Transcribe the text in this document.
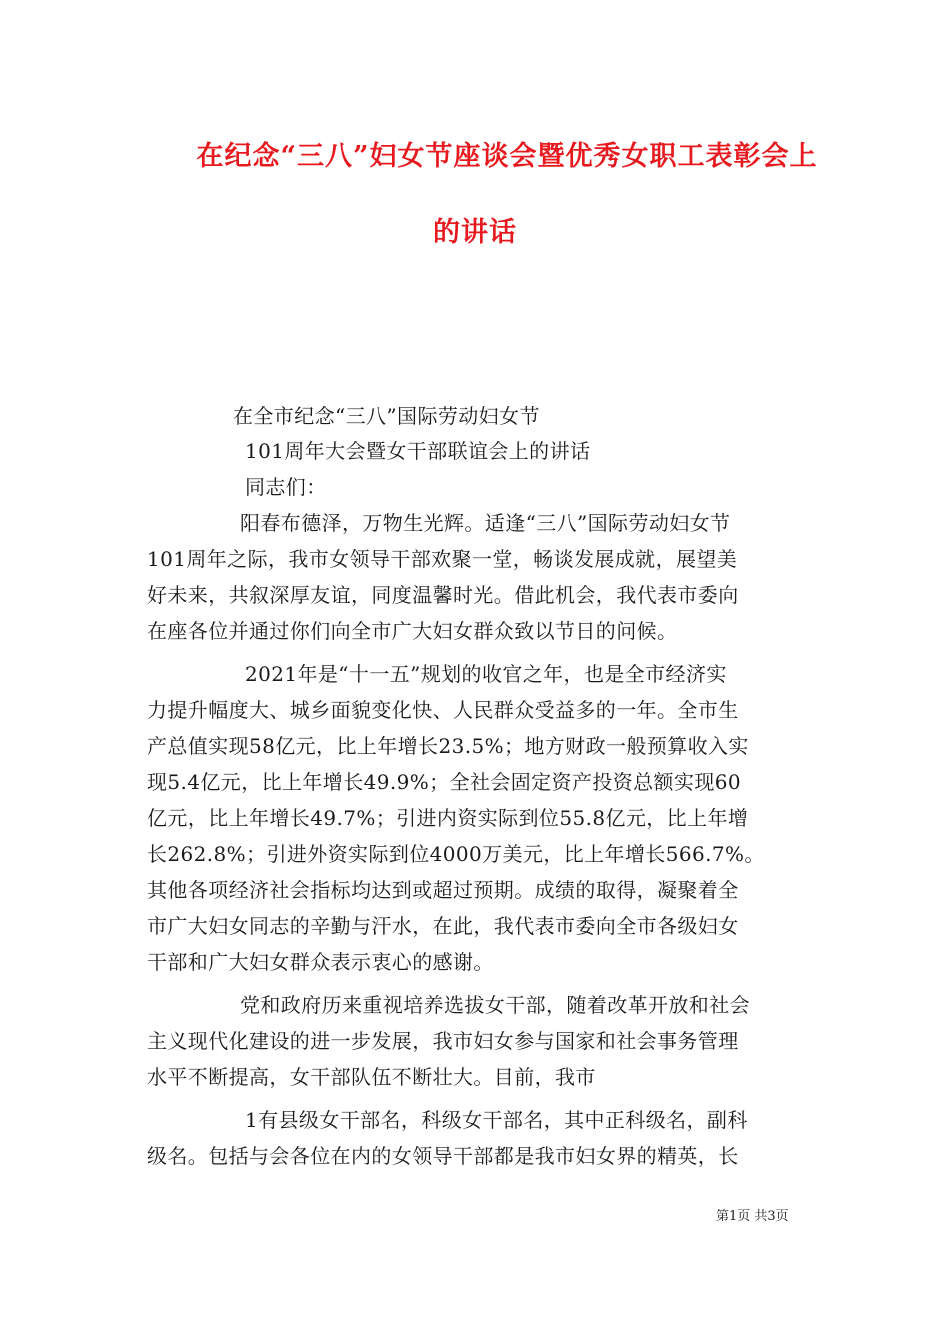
在纪念“三八”妇女节座谈会暨优秀女职工表彰会上
的讲话
在全市纪念“三八”国际劳动妇女节
101周年大会暨女干部联谊会上的讲话
同志们：
阳春布德泽，万物生光辉。适逢“三八”国际劳动妇女节
101周年之际，我市女领导干部欢聚一堂，畅谈发展成就，展望美
好未来，共叙深厚友谊，同度温馨时光。借此机会，我代表市委向
在座各位并通过你们向全市广大妇女群众致以节日的问候。
2021年是“十一五”规划的收官之年，也是全市经济实
力提升幅度大、城乡面貌变化快、人民群众受益多的一年。全市生
产总值实现58亿元，比上年增长23.5%；地方财政一般预算收入实
现5.4亿元，比上年增长49.9%；全社会固定资产投资总额实现60
亿元，比上年增长49.7%；引进内资实际到位55.8亿元，比上年增
长262.8%；引进外资实际到位4000万美元，比上年增长566.7%。
其他各项经济社会指标均达到或超过预期。成绩的取得，凝聚着全
市广大妇女同志的辛勤与汗水，在此，我代表市委向全市各级妇女
干部和广大妇女群众表示衷心的感谢。
党和政府历来重视培养选拔女干部，随着改革开放和社会
主义现代化建设的进一步发展，我市妇女参与国家和社会事务管理
水平不断提高，女干部队伍不断壮大。目前，我市
1有县级女干部名，科级女干部名，其中正科级名，副科
级名。包括与会各位在内的女领导干部都是我市妇女界的精英，长
第1页 共3页
